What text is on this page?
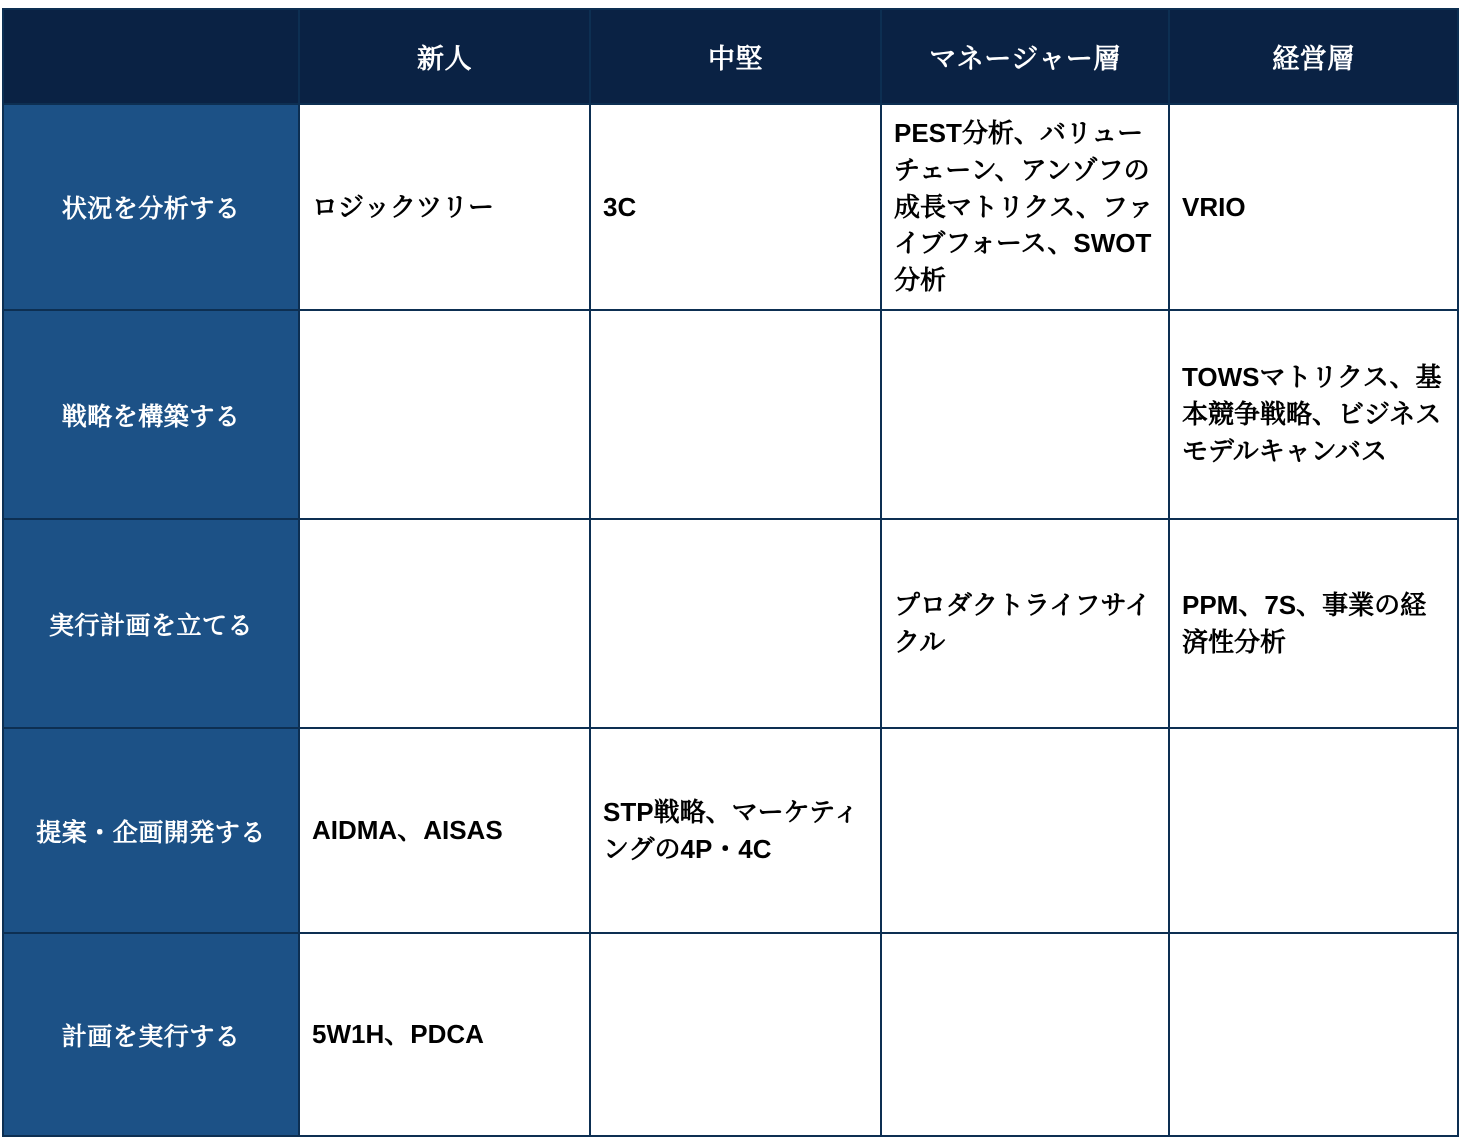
	新人	中堅	マネージャー層	経営層
状況を分析する	ロジックツリー	3C	PEST分析、バリューチェーン、アンゾフの成長マトリクス、ファイブフォース、SWOT分析	VRIO
戦略を構築する				TOWSマトリクス、基本競争戦略、ビジネスモデルキャンバス
実行計画を立てる			プロダクトライフサイクル	PPM、7S、事業の経済性分析
提案・企画開発する	AIDMA、AISAS	STP戦略、マーケティングの4P・4C		
計画を実行する	5W1H、PDCA			
